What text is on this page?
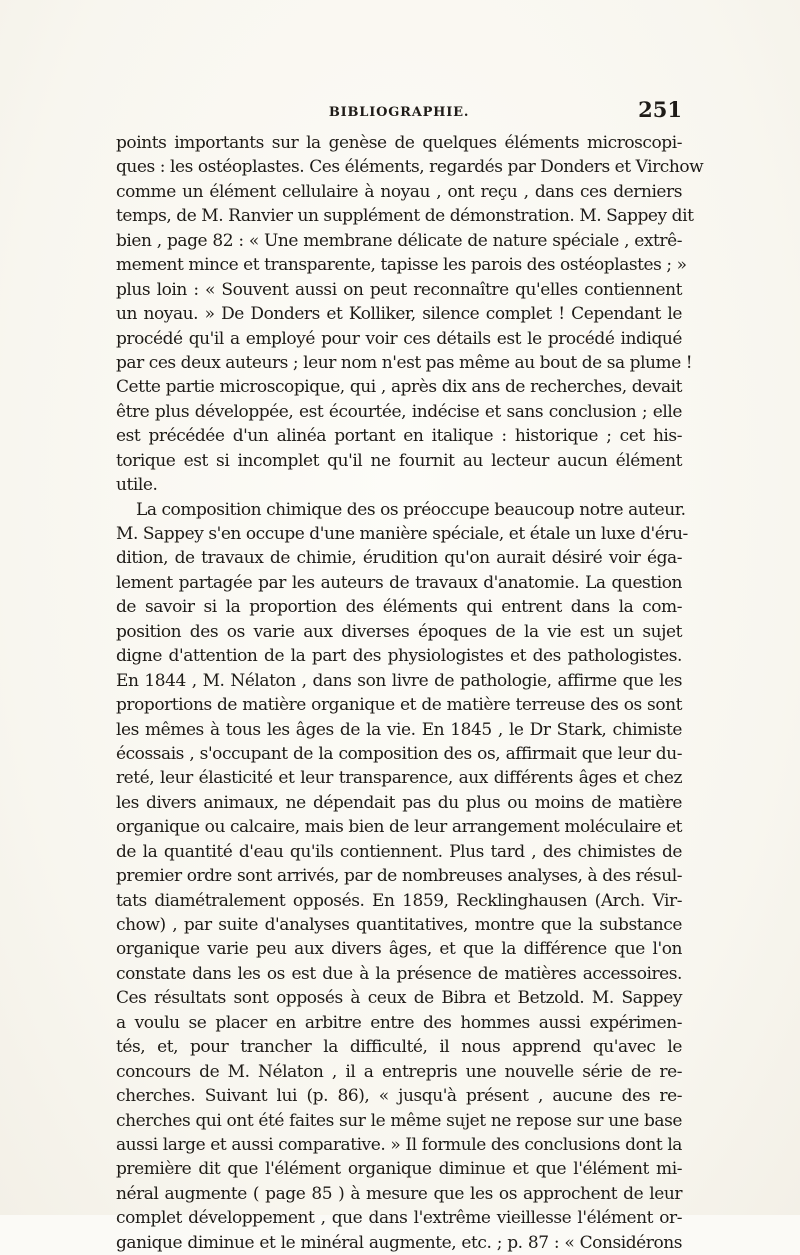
BIBLIOGRAPHIE.	251
points importants sur la genèse de quelques éléments microscopi-
ques : les ostéoplastes. Ces éléments, regardés par Donders et Virchow
comme un élément cellulaire à noyau , ont reçu , dans ces derniers
temps, de M. Ranvier un supplément de démonstration. M. Sappey dit
bien , page 82 : « Une membrane délicate de nature spéciale , extrê-
mement mince et transparente, tapisse les parois des ostéoplastes ; »
plus loin : « Souvent aussi on peut reconnaître qu'elles contiennent
un noyau. » De Donders et Kolliker, silence complet ! Cependant le
procédé qu'il a employé pour voir ces détails est le procédé indiqué
par ces deux auteurs ; leur nom n'est pas même au bout de sa plume !
Cette partie microscopique, qui , après dix ans de recherches, devait
être plus développée, est écourtée, indécise et sans conclusion ; elle
est précédée d'un alinéa portant en italique : historique ; cet his-
torique est si incomplet qu'il ne fournit au lecteur aucun élément
utile.
La composition chimique des os préoccupe beaucoup notre auteur.
M. Sappey s'en occupe d'une manière spéciale, et étale un luxe d'éru-
dition, de travaux de chimie, érudition qu'on aurait désiré voir éga-
lement partagée par les auteurs de travaux d'anatomie. La question
de savoir si la proportion des éléments qui entrent dans la com-
position des os varie aux diverses époques de la vie est un sujet
digne d'attention de la part des physiologistes et des pathologistes.
En 1844 , M. Nélaton , dans son livre de pathologie, affirme que les
proportions de matière organique et de matière terreuse des os sont
les mêmes à tous les âges de la vie. En 1845 , le Dr Stark, chimiste
écossais , s'occupant de la composition des os, affirmait que leur du-
reté, leur élasticité et leur transparence, aux différents âges et chez
les divers animaux, ne dépendait pas du plus ou moins de matière
organique ou calcaire, mais bien de leur arrangement moléculaire et
de la quantité d'eau qu'ils contiennent. Plus tard , des chimistes de
premier ordre sont arrivés, par de nombreuses analyses, à des résul-
tats diamétralement opposés. En 1859, Recklinghausen (Arch. Vir-
chow) , par suite d'analyses quantitatives, montre que la substance
organique varie peu aux divers âges, et que la différence que l'on
constate dans les os est due à la présence de matières accessoires.
Ces résultats sont opposés à ceux de Bibra et Betzold. M. Sappey
a voulu se placer en arbitre entre des hommes aussi expérimen-
tés, et, pour trancher la difficulté, il nous apprend qu'avec le
concours de M. Nélaton , il a entrepris une nouvelle série de re-
cherches. Suivant lui (p. 86), « jusqu'à présent , aucune des re-
cherches qui ont été faites sur le même sujet ne repose sur une base
aussi large et aussi comparative. » Il formule des conclusions dont la
première dit que l'élément organique diminue et que l'élément mi-
néral augmente ( page 85 ) à mesure que les os approchent de leur
complet développement , que dans l'extrême vieillesse l'élément or-
ganique diminue et le minéral augmente, etc. ; p. 87 : « Considérons
